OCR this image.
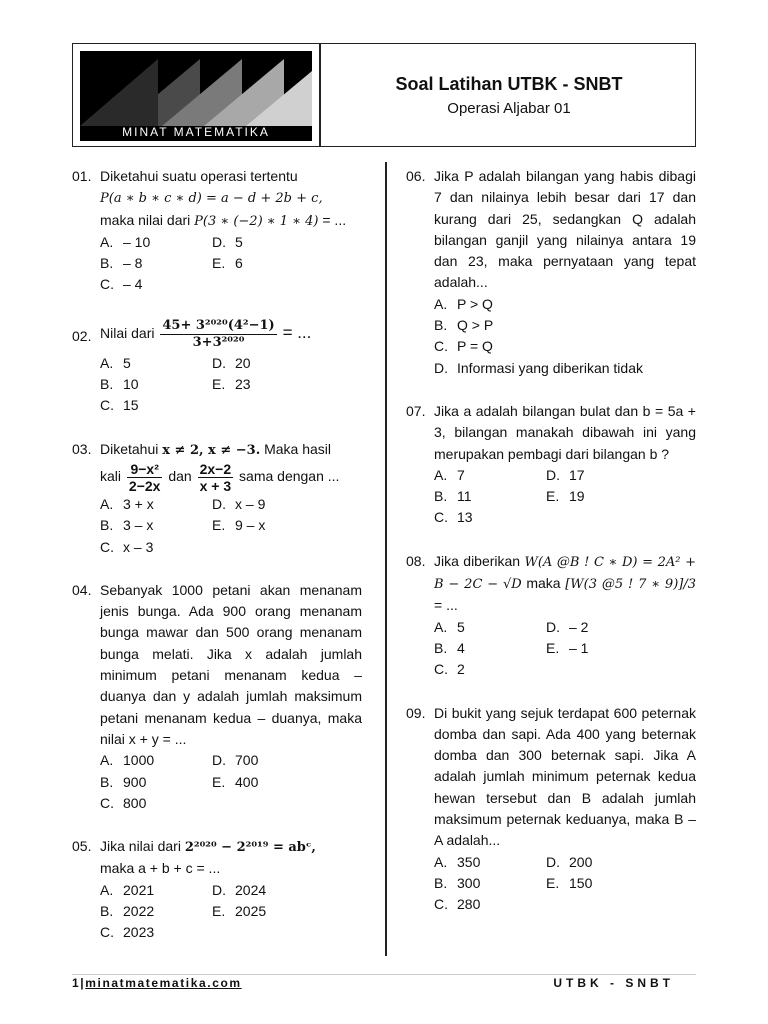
MINAT MATEMATIKA
Soal Latihan UTBK - SNBT
Operasi Aljabar 01
01. Diketahui suatu operasi tertentu
P(a ∗ b ∗ c ∗ d) = a − d + 2b + c,
maka nilai dari P(3 ∗ (−2) ∗ 1 ∗ 4) = ...
A. – 10	D. 5
B. – 8	E. 6
C. – 4
02. Nilai dari $\frac{\text{45+ 3²⁰²⁰(4²−1)}}{\text{3+3²⁰²⁰}}$ = ...
A. 5	D. 20
B. 10	E. 23
C. 15
03. Diketahui x ≠ 2, x ≠ −3. Maka hasil
kali $\frac{\text{9−x²}}{2-2x}$ dan $\frac{2x-2}{x + 3}$ sama dengan ...
A. 3 + x	D. x – 9
B. 3 – x	E. 9 – x
C. x – 3
04. Sebanyak 1000 petani akan menanam jenis bunga. Ada 900 orang menanam bunga mawar dan 500 orang menanam bunga melati. Jika x adalah jumlah minimum petani menanam kedua – duanya dan y adalah jumlah maksimum petani menanam kedua – duanya, maka nilai x + y = ...
A. 1000	D. 700
B. 900	E. 400
C. 800
05. Jika nilai dari 2²⁰²⁰ − 2²⁰¹⁹ = abᶜ,
maka a + b + c = ...
A. 2021	D. 2024
B. 2022	E. 2025
C. 2023
06. Jika P adalah bilangan yang habis dibagi 7 dan nilainya lebih besar dari 17 dan kurang dari 25, sedangkan Q adalah bilangan ganjil yang nilainya antara 19 dan 23, maka pernyataan yang tepat adalah...
A. P > Q
B. Q > P
C. P = Q
D. Informasi yang diberikan tidak
07. Jika a adalah bilangan bulat dan b = 5a + 3, bilangan manakah dibawah ini yang merupakan pembagi dari bilangan b ?
A. 7	D. 17
B. 11	E. 19
C. 13
08. Jika diberikan W(A @B ! C ∗ D) = 2A² + B − 2C − √D maka [W(3 @5 ! 7 ∗ 9)]/3 = ...
A. 5	D. – 2
B. 4	E. – 1
C. 2
09. Di bukit yang sejuk terdapat 600 peternak domba dan sapi. Ada 400 yang beternak domba dan 300 beternak sapi. Jika A adalah jumlah minimum peternak kedua hewan tersebut dan B adalah jumlah maksimum peternak keduanya, maka B – A adalah...
A. 350	D. 200
B. 300	E. 150
C. 280
1|minatmatematika.com	UTBK - SNBT
